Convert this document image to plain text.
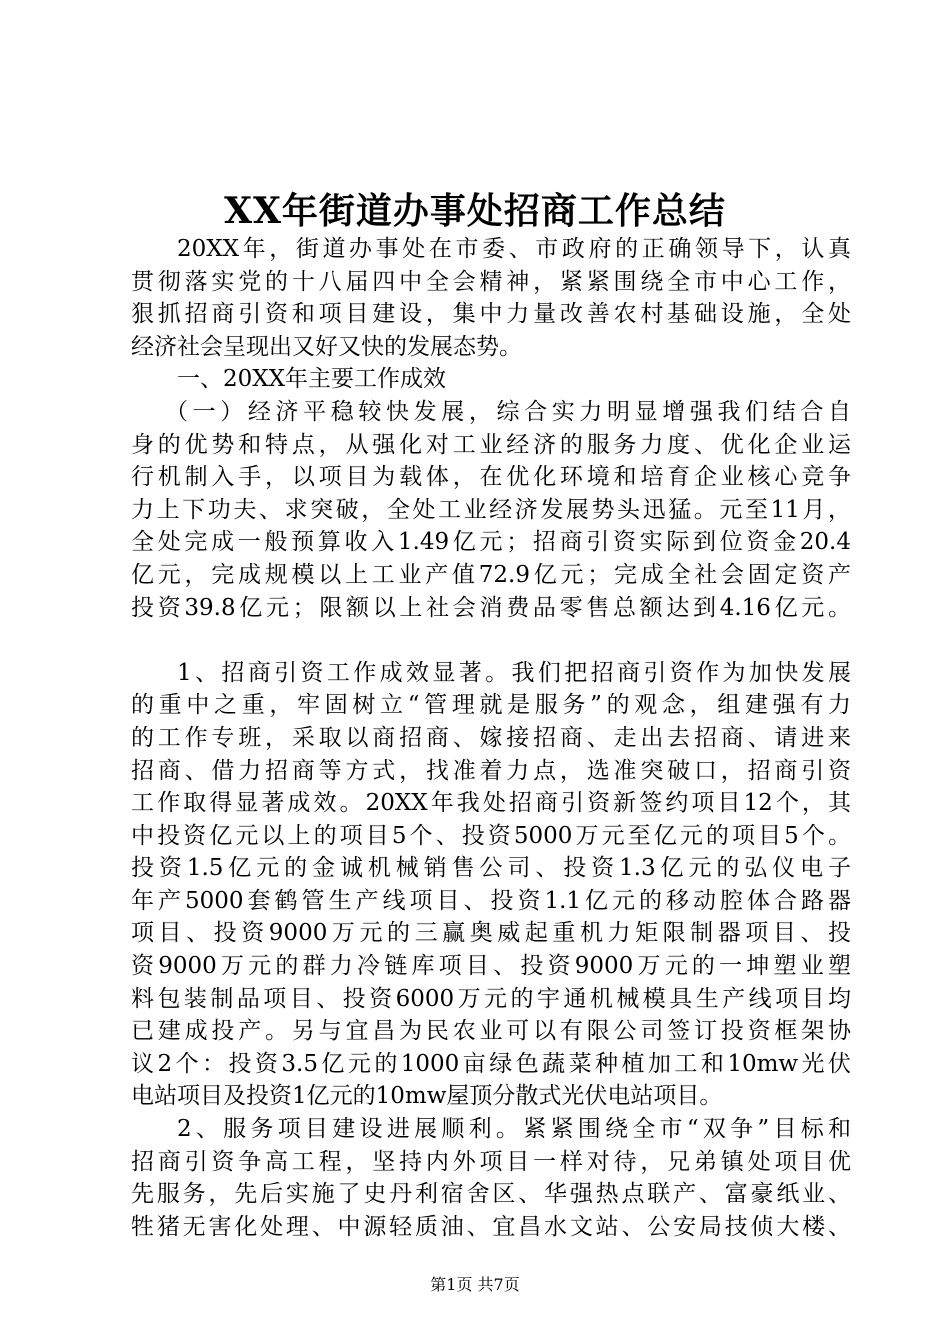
XX年街道办事处招商工作总结
20XX年，街道办事处在市委、市政府的正确领导下，认真
贯彻落实党的十八届四中全会精神，紧紧围绕全市中心工作，
狠抓招商引资和项目建设，集中力量改善农村基础设施，全处
经济社会呈现出又好又快的发展态势。
一、20XX年主要工作成效
（一）经济平稳较快发展，综合实力明显增强我们结合自
身的优势和特点，从强化对工业经济的服务力度、优化企业运
行机制入手，以项目为载体，在优化环境和培育企业核心竞争
力上下功夫、求突破，全处工业经济发展势头迅猛。元至11月，
全处完成一般预算收入1.49亿元；招商引资实际到位资金20.4
亿元，完成规模以上工业产值72.9亿元；完成全社会固定资产
投资39.8亿元；限额以上社会消费品零售总额达到4.16亿元。
1、招商引资工作成效显著。我们把招商引资作为加快发展
的重中之重，牢固树立“管理就是服务”的观念，组建强有力
的工作专班，采取以商招商、嫁接招商、走出去招商、请进来
招商、借力招商等方式，找准着力点，选准突破口，招商引资
工作取得显著成效。20XX年我处招商引资新签约项目12个，其
中投资亿元以上的项目5个、投资5000万元至亿元的项目5个。
投资1.5亿元的金诚机械销售公司、投资1.3亿元的弘仪电子
年产5000套鹤管生产线项目、投资1.1亿元的移动腔体合路器
项目、投资9000万元的三赢奥威起重机力矩限制器项目、投
资9000万元的群力冷链库项目、投资9000万元的一坤塑业塑
料包装制品项目、投资6000万元的宇通机械模具生产线项目均
已建成投产。另与宜昌为民农业可以有限公司签订投资框架协
议2个：投资3.5亿元的1000亩绿色蔬菜种植加工和10mw光伏
电站项目及投资1亿元的10mw屋顶分散式光伏电站项目。
2、服务项目建设进展顺利。紧紧围绕全市“双争”目标和
招商引资争高工程，坚持内外项目一样对待，兄弟镇处项目优
先服务，先后实施了史丹利宿舍区、华强热点联产、富豪纸业、
牲猪无害化处理、中源轻质油、宜昌水文站、公安局技侦大楼、
第1页 共7页
